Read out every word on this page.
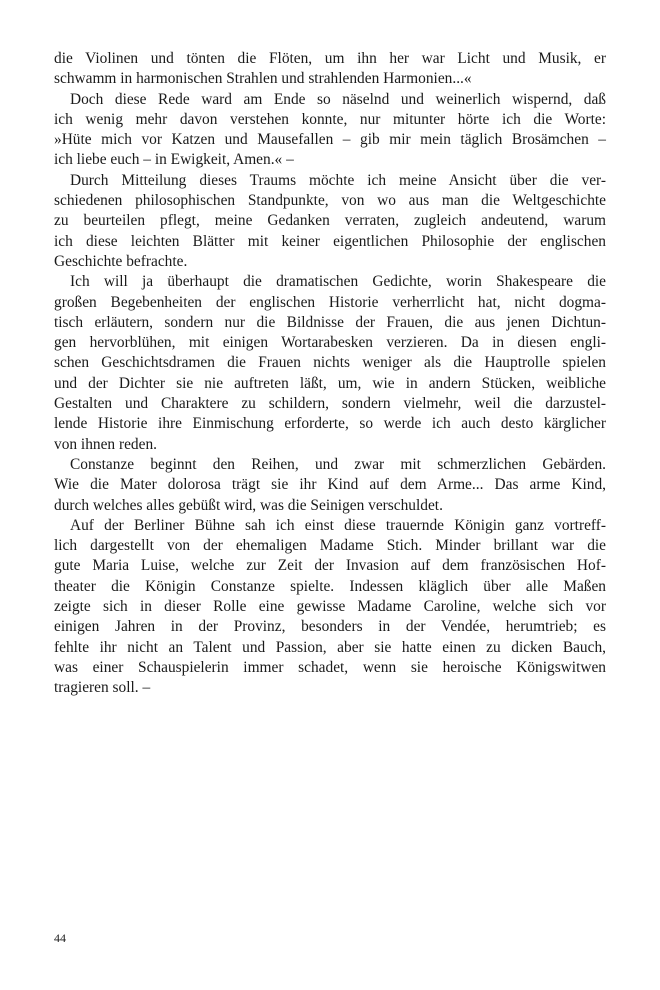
die Violinen und tönten die Flöten, um ihn her war Licht und Musik, er
schwamm in harmonischen Strahlen und strahlenden Harmonien...«
Doch diese Rede ward am Ende so näselnd und weinerlich wispernd, daß
ich wenig mehr davon verstehen konnte, nur mitunter hörte ich die Worte:
»Hüte mich vor Katzen und Mausefallen – gib mir mein täglich Brosämchen –
ich liebe euch – in Ewigkeit, Amen.« –
Durch Mitteilung dieses Traums möchte ich meine Ansicht über die ver-
schiedenen philosophischen Standpunkte, von wo aus man die Weltgeschichte
zu beurteilen pflegt, meine Gedanken verraten, zugleich andeutend, warum
ich diese leichten Blätter mit keiner eigentlichen Philosophie der englischen
Geschichte befrachte.
Ich will ja überhaupt die dramatischen Gedichte, worin Shakespeare die
großen Begebenheiten der englischen Historie verherrlicht hat, nicht dogma-
tisch erläutern, sondern nur die Bildnisse der Frauen, die aus jenen Dichtun-
gen hervorblühen, mit einigen Wortarabesken verzieren. Da in diesen engli-
schen Geschichtsdramen die Frauen nichts weniger als die Hauptrolle spielen
und der Dichter sie nie auftreten läßt, um, wie in andern Stücken, weibliche
Gestalten und Charaktere zu schildern, sondern vielmehr, weil die darzustel-
lende Historie ihre Einmischung erforderte, so werde ich auch desto kärglicher
von ihnen reden.
Constanze beginnt den Reihen, und zwar mit schmerzlichen Gebärden.
Wie die Mater dolorosa trägt sie ihr Kind auf dem Arme... Das arme Kind,
durch welches alles gebüßt wird, was die Seinigen verschuldet.
Auf der Berliner Bühne sah ich einst diese trauernde Königin ganz vortreff-
lich dargestellt von der ehemaligen Madame Stich. Minder brillant war die
gute Maria Luise, welche zur Zeit der Invasion auf dem französischen Hof-
theater die Königin Constanze spielte. Indessen kläglich über alle Maßen
zeigte sich in dieser Rolle eine gewisse Madame Caroline, welche sich vor
einigen Jahren in der Provinz, besonders in der Vendée, herumtrieb; es
fehlte ihr nicht an Talent und Passion, aber sie hatte einen zu dicken Bauch,
was einer Schauspielerin immer schadet, wenn sie heroische Königswitwen
tragieren soll. –
44
